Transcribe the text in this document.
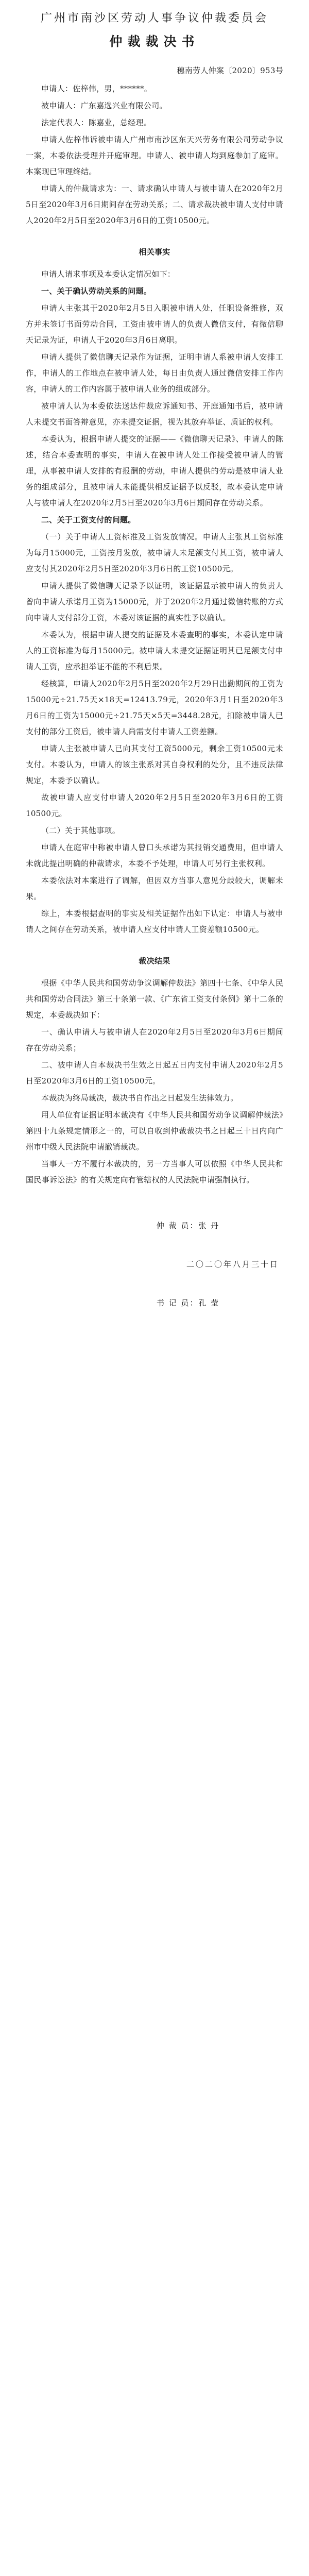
广州市南沙区劳动人事争议仲裁委员会
仲裁裁决书
穗南劳人仲案〔2020〕953号

申请人：佐梓伟，男，******。

被申请人：广东嘉选兴业有限公司。

法定代表人：陈嘉业，总经理。

申请人佐梓伟诉被申请人广州市南沙区东天兴劳务有限公司劳动争议一案，本委依法受理并开庭审理。申请人、被申请人均到庭参加了庭审。本案现已审理终结。

申请人的仲裁请求为：一、请求确认申请人与被申请人在2020年2月5日至2020年3月6日期间存在劳动关系；二、请求裁决被申请人支付申请人2020年2月5日至2020年3月6日的工资10500元。

相关事实

申请人请求事项及本委认定情况如下：

一、关于确认劳动关系的问题。

申请人主张其于2020年2月5日入职被申请人处，任职设备维修，双方并未签订书面劳动合同，工资由被申请人的负责人微信支付，有微信聊天记录为证，申请人于2020年3月6日离职。

申请人提供了微信聊天记录作为证据，证明申请人系被申请人安排工作，申请人的工作地点在被申请人处，每日由负责人通过微信安排工作内容，申请人的工作内容属于被申请人业务的组成部分。

被申请人认为本委依法送达仲裁应诉通知书、开庭通知书后，被申请人未提交书面答辩意见，亦未提交证据，视为其放弃举证、质证的权利。

本委认为，根据申请人提交的证据——《微信聊天记录》、申请人的陈述，结合本委查明的事实，申请人在被申请人处工作接受被申请人的管理，从事被申请人安排的有报酬的劳动，申请人提供的劳动是被申请人业务的组成部分，且被申请人未能提供相反证据予以反驳，故本委认定申请人与被申请人在2020年2月5日至2020年3月6日期间存在劳动关系。

二、关于工资支付的问题。

（一）关于申请人工资标准及工资发放情况。申请人主张其工资标准为每月15000元，工资按月发放，被申请人未足额支付其工资，被申请人应支付其2020年2月5日至2020年3月6日的工资10500元。

申请人提供了微信聊天记录予以证明，该证据显示被申请人的负责人曾向申请人承诺月工资为15000元，并于2020年2月通过微信转账的方式向申请人支付部分工资，本委对该证据的真实性予以确认。

本委认为，根据申请人提交的证据及本委查明的事实，本委认定申请人的工资标准为每月15000元。被申请人未提交证据证明其已足额支付申请人工资，应承担举证不能的不利后果。

经核算，申请人2020年2月5日至2020年2月29日出勤期间的工资为15000元÷21.75天×18天=12413.79元，2020年3月1日至2020年3月6日的工资为15000元÷21.75天×5天=3448.28元，扣除被申请人已支付的部分工资后，被申请人尚需支付申请人工资差额。

申请人主张被申请人已向其支付工资5000元，剩余工资10500元未支付。本委认为，申请人的该主张系对其自身权利的处分，且不违反法律规定，本委予以确认。

故被申请人应支付申请人2020年2月5日至2020年3月6日的工资10500元。

（二）关于其他事项。

申请人在庭审中称被申请人曾口头承诺为其报销交通费用，但申请人未就此提出明确的仲裁请求，本委不予处理，申请人可另行主张权利。

本委依法对本案进行了调解，但因双方当事人意见分歧较大，调解未果。

综上，本委根据查明的事实及相关证据作出如下认定：申请人与被申请人之间存在劳动关系，被申请人应支付申请人工资差额10500元。

裁决结果

根据《中华人民共和国劳动争议调解仲裁法》第四十七条、《中华人民共和国劳动合同法》第三十条第一款、《广东省工资支付条例》第十二条的规定，本委裁决如下：

一、确认申请人与被申请人在2020年2月5日至2020年3月6日期间存在劳动关系；

二、被申请人自本裁决书生效之日起五日内支付申请人2020年2月5日至2020年3月6日的工资10500元。

本裁决为终局裁决，裁决书自作出之日起发生法律效力。

用人单位有证据证明本裁决有《中华人民共和国劳动争议调解仲裁法》第四十九条规定情形之一的，可以自收到仲裁裁决书之日起三十日内向广州市中级人民法院申请撤销裁决。

当事人一方不履行本裁决的，另一方当事人可以依照《中华人民共和国民事诉讼法》的有关规定向有管辖权的人民法院申请强制执行。

仲 裁 员：张 丹
二〇二〇年八月三十日
书 记 员：孔 莹
